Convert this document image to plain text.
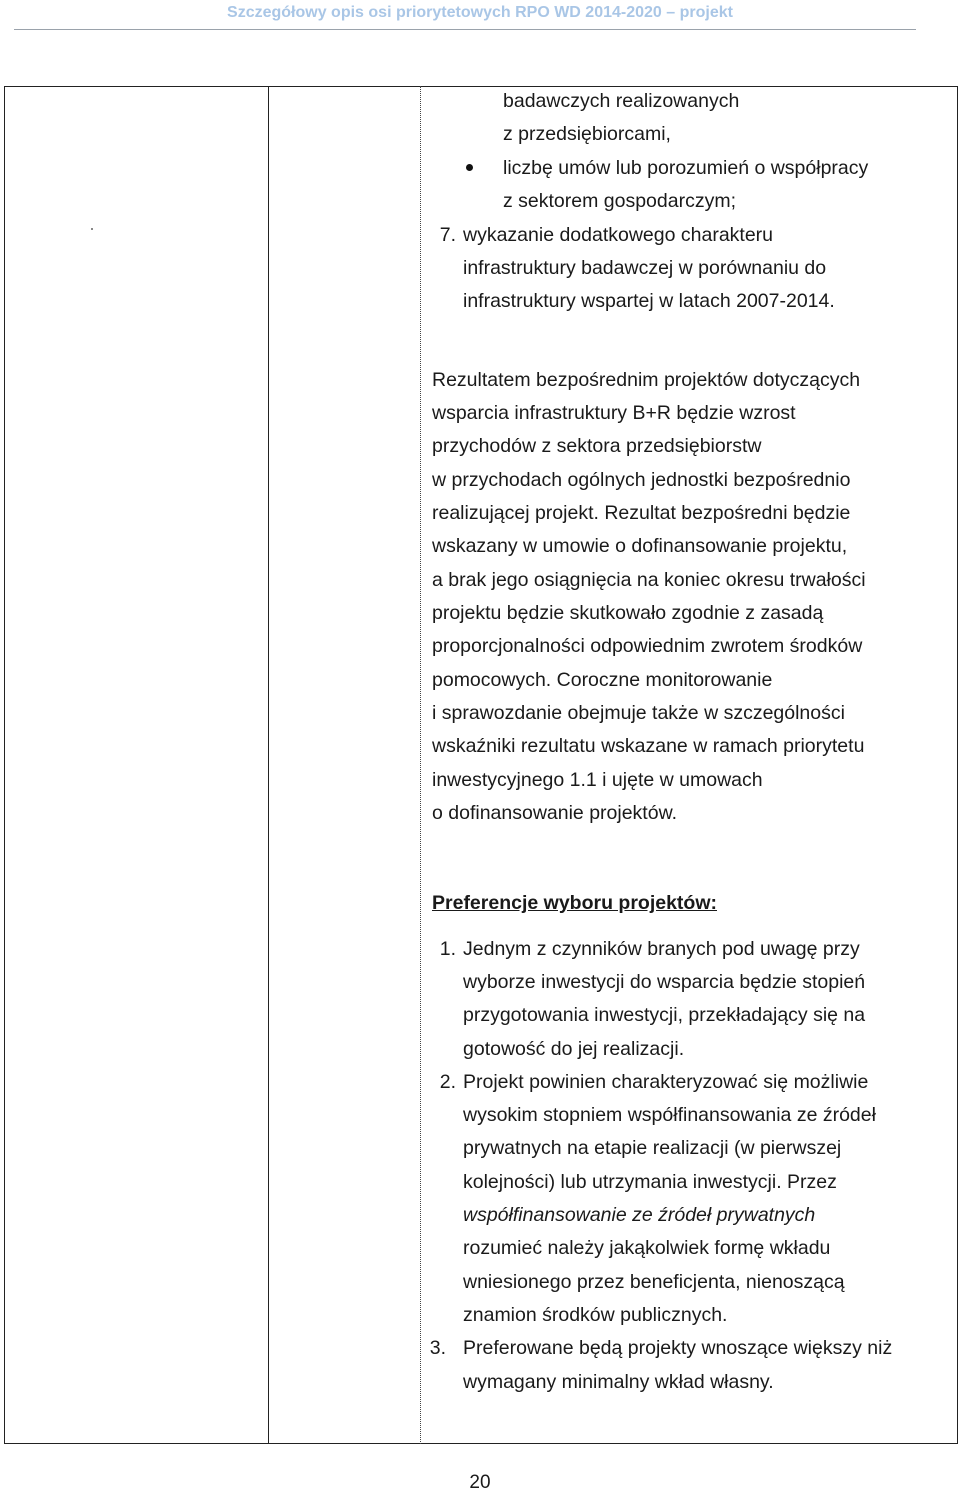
Szczegółowy opis osi priorytetowych RPO WD 2014-2020 – projekt
badawczych realizowanych
z przedsiębiorcami,
liczbę umów lub porozumień o współpracy
z sektorem gospodarczym;
7. wykazanie dodatkowego charakteru
infrastruktury badawczej w porównaniu do
infrastruktury wspartej w latach 2007-2014.
Rezultatem bezpośrednim projektów dotyczących
wsparcia infrastruktury B+R będzie wzrost
przychodów z sektora przedsiębiorstw
w przychodach ogólnych jednostki bezpośrednio
realizującej projekt. Rezultat bezpośredni będzie
wskazany w umowie o dofinansowanie projektu,
a brak jego osiągnięcia na koniec okresu trwałości
projektu będzie skutkowało zgodnie z zasadą
proporcjonalności odpowiednim zwrotem środków
pomocowych. Coroczne monitorowanie
i sprawozdanie obejmuje także w szczególności
wskaźniki rezultatu wskazane w ramach priorytetu
inwestycyjnego 1.1 i ujęte w umowach
o dofinansowanie projektów.
Preferencje wyboru projektów:
1. Jednym z czynników branych pod uwagę przy
wyborze inwestycji do wsparcia będzie stopień
przygotowania inwestycji, przekładający się na
gotowość do jej realizacji.
2. Projekt powinien charakteryzować się możliwie
wysokim stopniem współfinansowania ze źródeł
prywatnych na etapie realizacji (w pierwszej
kolejności) lub utrzymania inwestycji. Przez
współfinansowanie ze źródeł prywatnych
rozumieć należy jakąkolwiek formę wkładu
wniesionego przez beneficjenta, nienoszącą
znamion środków publicznych.
3. Preferowane będą projekty wnoszące większy niż
wymagany minimalny wkład własny.
20
